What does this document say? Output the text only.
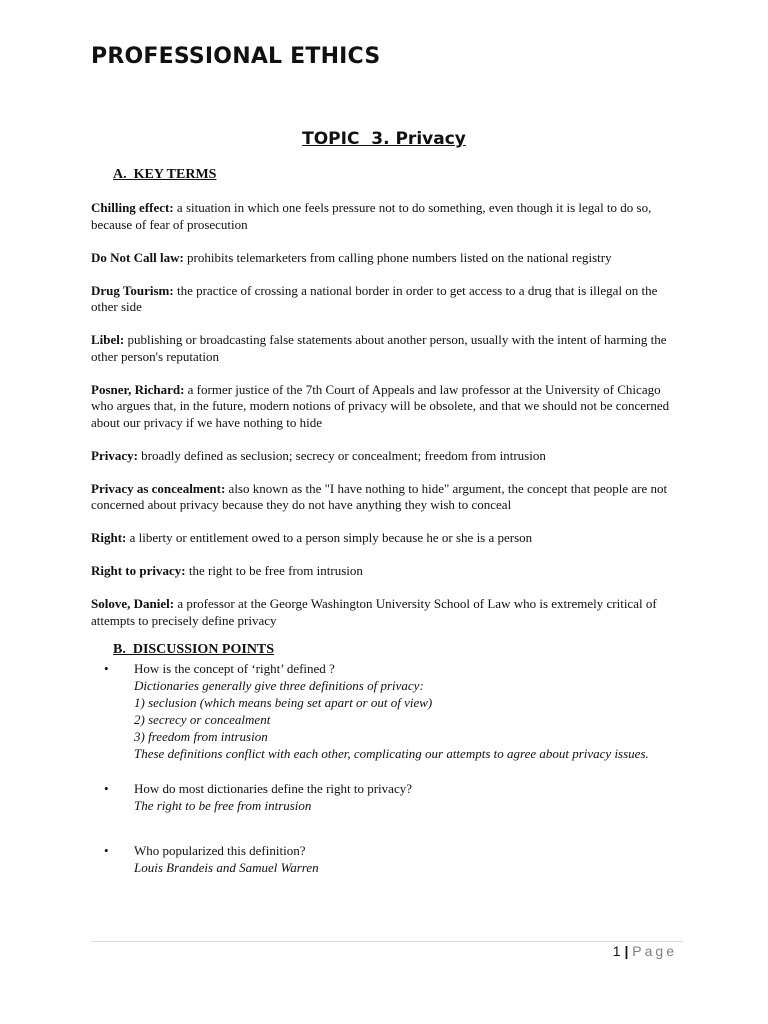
PROFESSIONAL ETHICS
TOPIC  3. Privacy
A.  KEY TERMS

Chilling effect: a situation in which one feels pressure not to do something, even though it is legal to do so, because of fear of prosecution

Do Not Call law: prohibits telemarketers from calling phone numbers listed on the national registry

Drug Tourism: the practice of crossing a national border in order to get access to a drug that is illegal on the other side

Libel: publishing or broadcasting false statements about another person, usually with the intent of harming the other person's reputation

Posner, Richard: a former justice of the 7th Court of Appeals and law professor at the University of Chicago who argues that, in the future, modern notions of privacy will be obsolete, and that we should not be concerned about our privacy if we have nothing to hide

Privacy: broadly defined as seclusion; secrecy or concealment; freedom from intrusion

Privacy as concealment: also known as the "I have nothing to hide" argument, the concept that people are not concerned about privacy because they do not have anything they wish to conceal

Right: a liberty or entitlement owed to a person simply because he or she is a person

Right to privacy: the right to be free from intrusion

Solove, Daniel: a professor at the George Washington University School of Law who is extremely critical of attempts to precisely define privacy

B.  DISCUSSION POINTS
• How is the concept of ‘right’ defined ?
Dictionaries generally give three definitions of privacy:
1) seclusion (which means being set apart or out of view)
2) secrecy or concealment
3) freedom from intrusion
These definitions conflict with each other, complicating our attempts to agree about privacy issues.
• How do most dictionaries define the right to privacy?
The right to be free from intrusion
• Who popularized this definition?
Louis Brandeis and Samuel Warren
1 | Page
